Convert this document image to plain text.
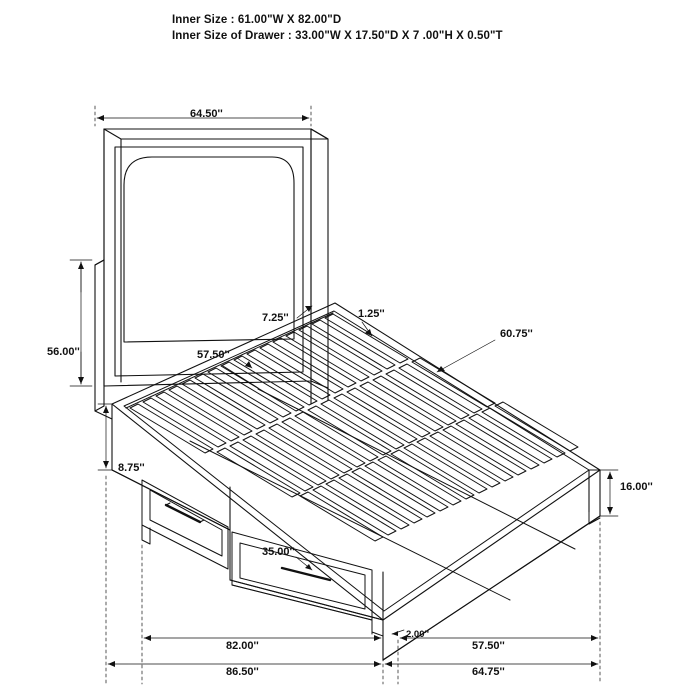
Inner Size : 61.00"W X 82.00"D
Inner Size of Drawer : 33.00"W X 17.50"D X 7 .00"H X 0.50"T
64.50''
56.00''
7.25''	1.25''
57.50''
60.75''
8.75''
16.00''
35.00''
2.00''
82.00''	57.50''
86.50''	64.75''
